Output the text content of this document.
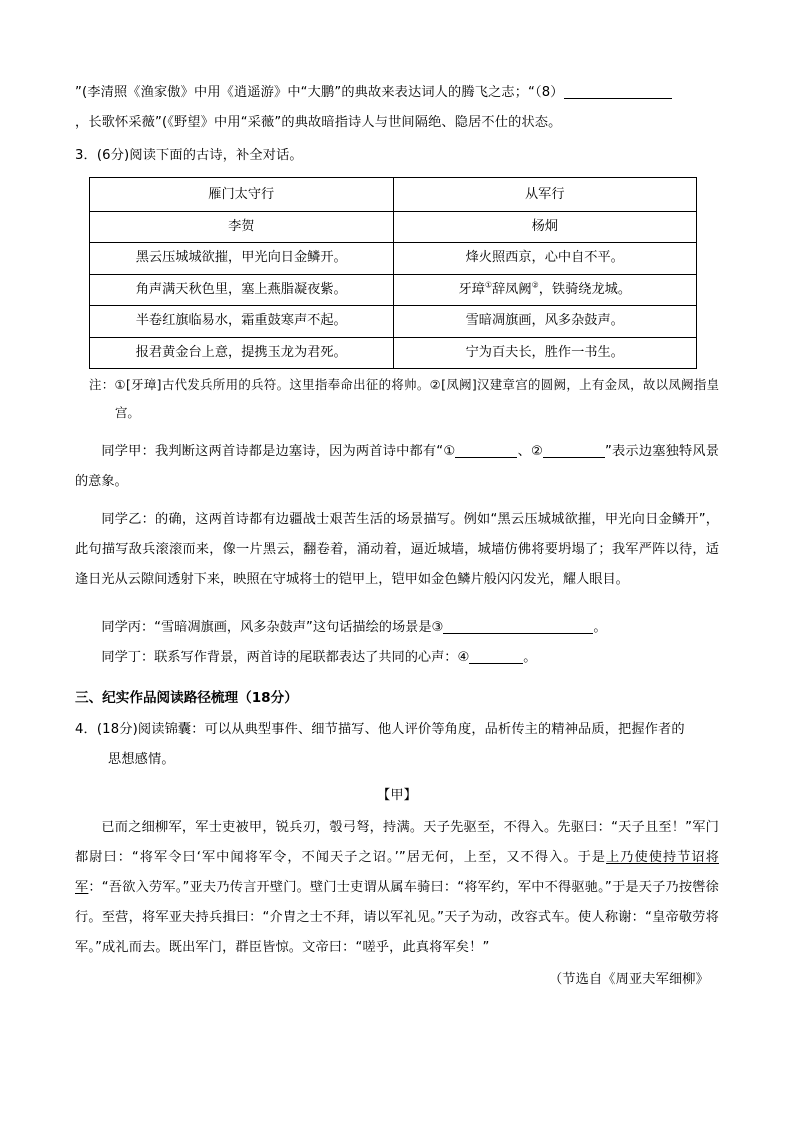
”(李清照《渔家傲》中用《逍遥游》中“大鹏”的典故来表达词人的腾飞之志；“（8）

，长歌怀采薇”(《野望》中用“采薇”的典故暗指诗人与世间隔绝、隐居不仕的状态。

3．(6分)阅读下面的古诗，补全对话。

雁门太守行	从军行
李贺	杨炯
黑云压城城欲摧，甲光向日金鳞开。	烽火照西京，心中自不平。
角声满天秋色里，塞上燕脂凝夜紫。	牙璋①辞凤阙②，铁骑绕龙城。
半卷红旗临易水，霜重鼓寒声不起。	雪暗凋旗画，风多杂鼓声。
报君黄金台上意，提携玉龙为君死。	宁为百夫长，胜作一书生。

注：①[牙璋]古代发兵所用的兵符。这里指奉命出征的将帅。②[凤阙]汉建章宫的圆阙，上有金凤，故以凤阙指皇宫。

同学甲：我判断这两首诗都是边塞诗，因为两首诗中都有“①	、②	”表示边塞独特风景的意象。

同学乙：的确，这两首诗都有边疆战士艰苦生活的场景描写。例如“黑云压城城欲摧，甲光向日金鳞开”，此句描写敌兵滚滚而来，像一片黑云，翻卷着，涌动着，逼近城墙，城墙仿佛将要坍塌了；我军严阵以待，适逢日光从云隙间透射下来，映照在守城将士的铠甲上，铠甲如金色鳞片般闪闪发光，耀人眼目。

同学丙：“雪暗凋旗画，风多杂鼓声”这句话描绘的场景是③	。

同学丁：联系写作背景，两首诗的尾联都表达了共同的心声：④	。

三、纪实作品阅读路径梳理（18分）

4．(18分)阅读锦囊：可以从典型事件、细节描写、他人评价等角度，品析传主的精神品质，把握作者的

思想感情。

【甲】

已而之细柳军，军士吏被甲，锐兵刃，彀弓弩，持满。天子先驱至，不得入。先驱曰：“天子且至！”军门都尉曰：“将军令曰‘军中闻将军令，不闻天子之诏。’”居无何，上至，又不得入。于是上乃使使持节诏将军：“吾欲入劳军。”亚夫乃传言开壁门。壁门士吏谓从属车骑曰：“将军约，军中不得驱驰。”于是天子乃按辔徐行。至营，将军亚夫持兵揖曰：“介胄之士不拜，请以军礼见。”天子为动，改容式车。使人称谢：“皇帝敬劳将军。”成礼而去。既出军门，群臣皆惊。文帝曰：“嗟乎，此真将军矣！”

（节选自《周亚夫军细柳》
